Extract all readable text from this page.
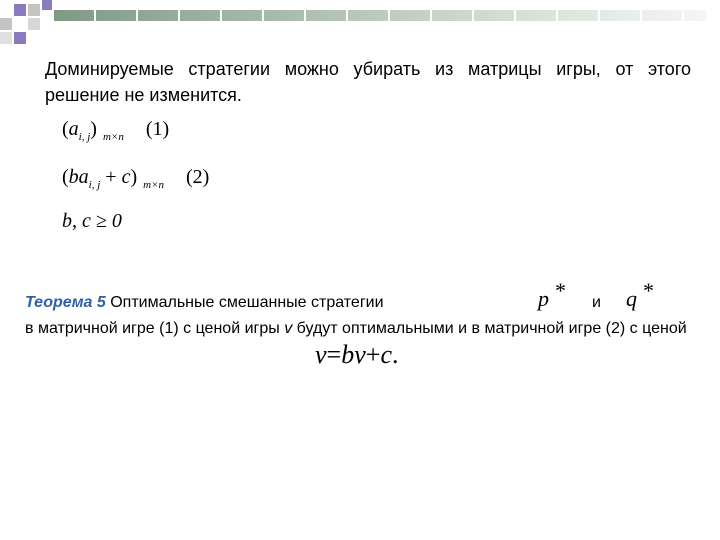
Доминируемые стратегии можно убирать из матрицы игры, от этого решение не изменится.
$(a_{i, j})$ $_{m\times n}$ (1)
$(ba_{i, j} + c)$ $_{m\times n}$ (2)
b, c ≥ 0
Теорема 5 Оптимальные смешанные стратегии	и

в матричной игре (1) с ценой игры v будут оптимальными и в матричной игре (2) с ценой
p *	q *
v=bv+c.
